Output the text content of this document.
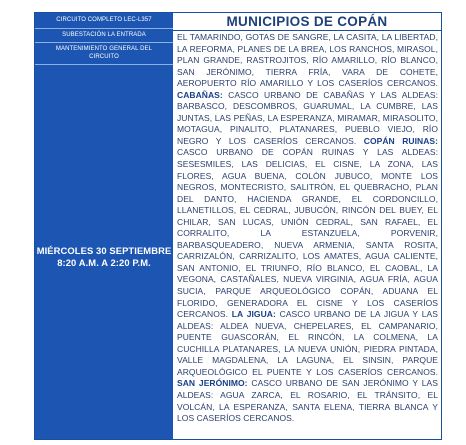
CIRCUITO COMPLETO LEC-L357
SUBESTACIÓN LA ENTRADA
MANTENIMIENTO GENERAL DEL CIRCUITO
MIÉRCOLES 30 SEPTIEMBRE
8:20 A.M. A 2:20 P.M.
MUNICIPIOS DE COPÁN
EL TAMARINDO, GOTAS DE SANGRE, LA CASITA, LA LIBERTAD, LA REFORMA, PLANES DE LA BREA, LOS RANCHOS, MIRASOL, PLAN GRANDE, RASTROJITOS, RÍO AMARILLO, RÍO BLANCO, SAN JERÓNIMO, TIERRA FRÍA, VARA DE COHETE, AEROPUERTO RÍO AMARILLO Y LOS CASERÍOS CERCANOS. CABAÑAS: CASCO URBANO DE CABAÑAS Y LAS ALDEAS: BARBASCO, DESCOMBROS, GUARUMAL, LA CUMBRE, LAS JUNTAS, LAS PEÑAS, LA ESPERANZA, MIRAMAR, MIRASOLITO, MOTAGUA, PINALITO, PLATANARES, PUEBLO VIEJO, RÍO NEGRO Y LOS CASERÍOS CERCANOS. COPÁN RUINAS: CASCO URBANO DE COPÁN RUINAS Y LAS ALDEAS: SESESMILES, LAS DELICIAS, EL CISNE, LA ZONA, LAS FLORES, AGUA BUENA, COLÓN JUBUCO, MONTE LOS NEGROS, MONTECRISTO, SALITRÓN, EL QUEBRACHO, PLAN DEL DANTO, HACIENDA GRANDE, EL CORDONCILLO, LLANETILLOS, EL CEDRAL, JUBUCÓN, RINCÓN DEL BUEY, EL CHILAR, SAN LUCAS, UNIÓN CEDRAL, SAN RAFAEL, EL CORRALITO, LA ESTANZUELA, PORVENIR, BARBASQUEADERO, NUEVA ARMENIA, SANTA ROSITA, CARRIZALÓN, CARRIZALITO, LOS AMATES, AGUA CALIENTE, SAN ANTONIO, EL TRIUNFO, RÍO BLANCO, EL CAOBAL, LA VEGONA, CASTAÑALES, NUEVA VIRGINIA, AGUA FRÍA, AGUA SUCIA, PARQUE ARQUEOLÓGICO COPÁN, ADUANA EL FLORIDO, GENERADORA EL CISNE Y LOS CASERÍOS CERCANOS. LA JIGUA: CASCO URBANO DE LA JIGUA Y LAS ALDEAS: ALDEA NUEVA, CHEPELARES, EL CAMPANARIO, PUENTE GUASCORÁN, EL RINCÓN, LA COLMENA, LA CUCHILLA PLATANARES, LA NUEVA UNIÓN, PIEDRA PINTADA, VALLE MAGDALENA, LA LAGUNA, EL SINSIN, PARQUE ARQUEOLÓGICO EL PUENTE Y LOS CASERÍOS CERCANOS. SAN JERÓNIMO: CASCO URBANO DE SAN JERÓNIMO Y LAS ALDEAS: AGUA ZARCA, EL ROSARIO, EL TRÁNSITO, EL VOLCÁN, LA ESPERANZA, SANTA ELENA, TIERRA BLANCA Y LOS CASERÍOS CERCANOS.
